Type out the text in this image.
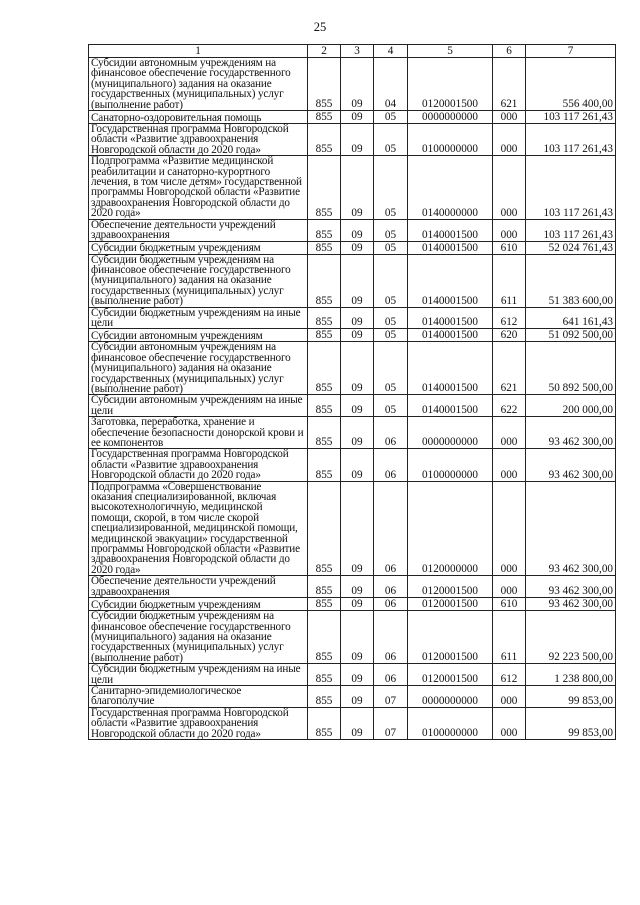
25
1	2	3	4	5	6	7
Субсидии автономным учреждениям на финансовое обеспечение государственного (муниципального) задания на оказание государственных (муниципальных) услуг (выполнение работ)	855	09	04	0120001500	621	556 400,00
Санаторно-оздоровительная помощь	855	09	05	0000000000	000	103 117 261,43
Государственная программа Новгородской области «Развитие здравоохранения Новгородской области до 2020 года»	855	09	05	0100000000	000	103 117 261,43
Подпрограмма «Развитие медицинской реабилитации и санаторно-курортного лечения, в том числе детям» государственной программы Новгородской области «Развитие здравоохранения Новгородской области до 2020 года»	855	09	05	0140000000	000	103 117 261,43
Обеспечение деятельности учреждений здравоохранения	855	09	05	0140001500	000	103 117 261,43
Субсидии бюджетным учреждениям	855	09	05	0140001500	610	52 024 761,43
Субсидии бюджетным учреждениям на финансовое обеспечение государственного (муниципального) задания на оказание государственных (муниципальных) услуг (выполнение работ)	855	09	05	0140001500	611	51 383 600,00
Субсидии бюджетным учреждениям на иные цели	855	09	05	0140001500	612	641 161,43
Субсидии автономным учреждениям	855	09	05	0140001500	620	51 092 500,00
Субсидии автономным учреждениям на финансовое обеспечение государственного (муниципального) задания на оказание государственных (муниципальных) услуг (выполнение работ)	855	09	05	0140001500	621	50 892 500,00
Субсидии автономным учреждениям на иные цели	855	09	05	0140001500	622	200 000,00
Заготовка, переработка, хранение и обеспечение безопасности донорской крови и ее компонентов	855	09	06	0000000000	000	93 462 300,00
Государственная программа Новгородской области «Развитие здравоохранения Новгородской области до 2020 года»	855	09	06	0100000000	000	93 462 300,00
Подпрограмма «Совершенствование оказания специализированной, включая высокотехнологичную, медицинской помощи, скорой, в том числе скорой специализированной, медицинской помощи, медицинской эвакуации» государственной программы Новгородской области «Развитие здравоохранения Новгородской области до 2020 года»	855	09	06	0120000000	000	93 462 300,00
Обеспечение деятельности учреждений здравоохранения	855	09	06	0120001500	000	93 462 300,00
Субсидии бюджетным учреждениям	855	09	06	0120001500	610	93 462 300,00
Субсидии бюджетным учреждениям на финансовое обеспечение государственного (муниципального) задания на оказание государственных (муниципальных) услуг (выполнение работ)	855	09	06	0120001500	611	92 223 500,00
Субсидии бюджетным учреждениям на иные цели	855	09	06	0120001500	612	1 238 800,00
Санитарно-эпидемиологическое благополучие	855	09	07	0000000000	000	99 853,00
Государственная программа Новгородской области «Развитие здравоохранения Новгородской области до 2020 года»	855	09	07	0100000000	000	99 853,00
